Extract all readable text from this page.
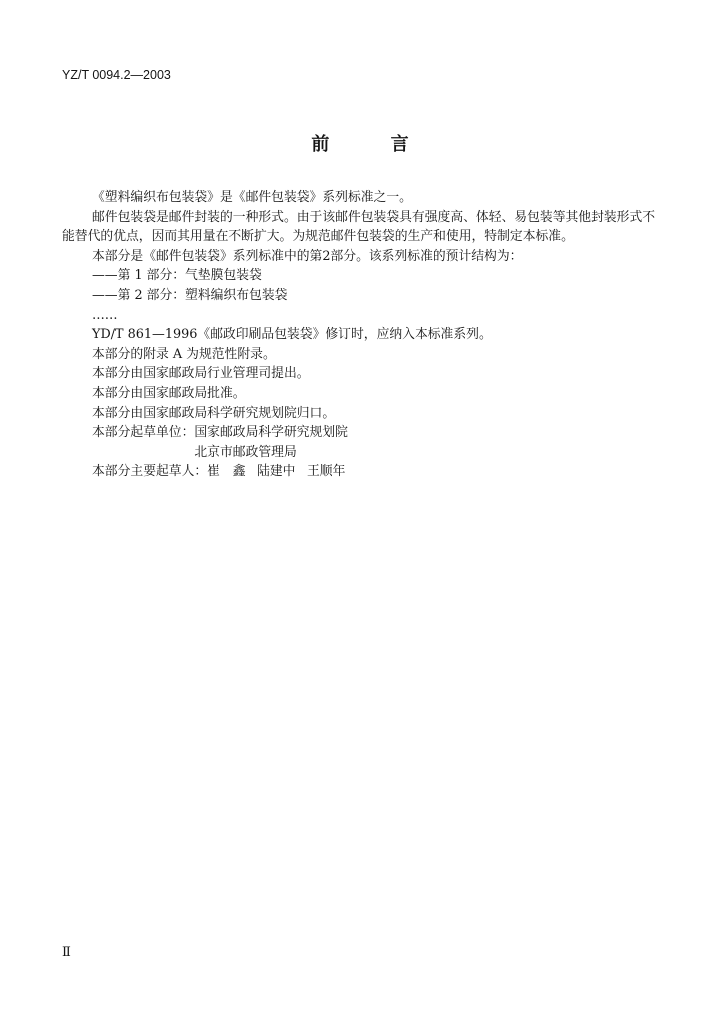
YZ/T 0094.2—2003
前　言

《塑料编织布包装袋》是《邮件包装袋》系列标准之一。

邮件包装袋是邮件封装的一种形式。由于该邮件包装袋具有强度高、体轻、易包装等其他封装形式不能替代的优点，因而其用量在不断扩大。为规范邮件包装袋的生产和使用，特制定本标准。

本部分是《邮件包装袋》系列标准中的第2部分。该系列标准的预计结构为：

——第 1 部分：气垫膜包装袋

——第 2 部分：塑料编织布包装袋

……

YD/T 861—1996《邮政印刷品包装袋》修订时，应纳入本标准系列。

本部分的附录 A 为规范性附录。

本部分由国家邮政局行业管理司提出。

本部分由国家邮政局批准。

本部分由国家邮政局科学研究规划院归口。

本部分起草单位： 国家邮政局科学研究规划院
北京市邮政管理局
本部分主要起草人：崔　鑫 陆建中 王顺年
Ⅱ
